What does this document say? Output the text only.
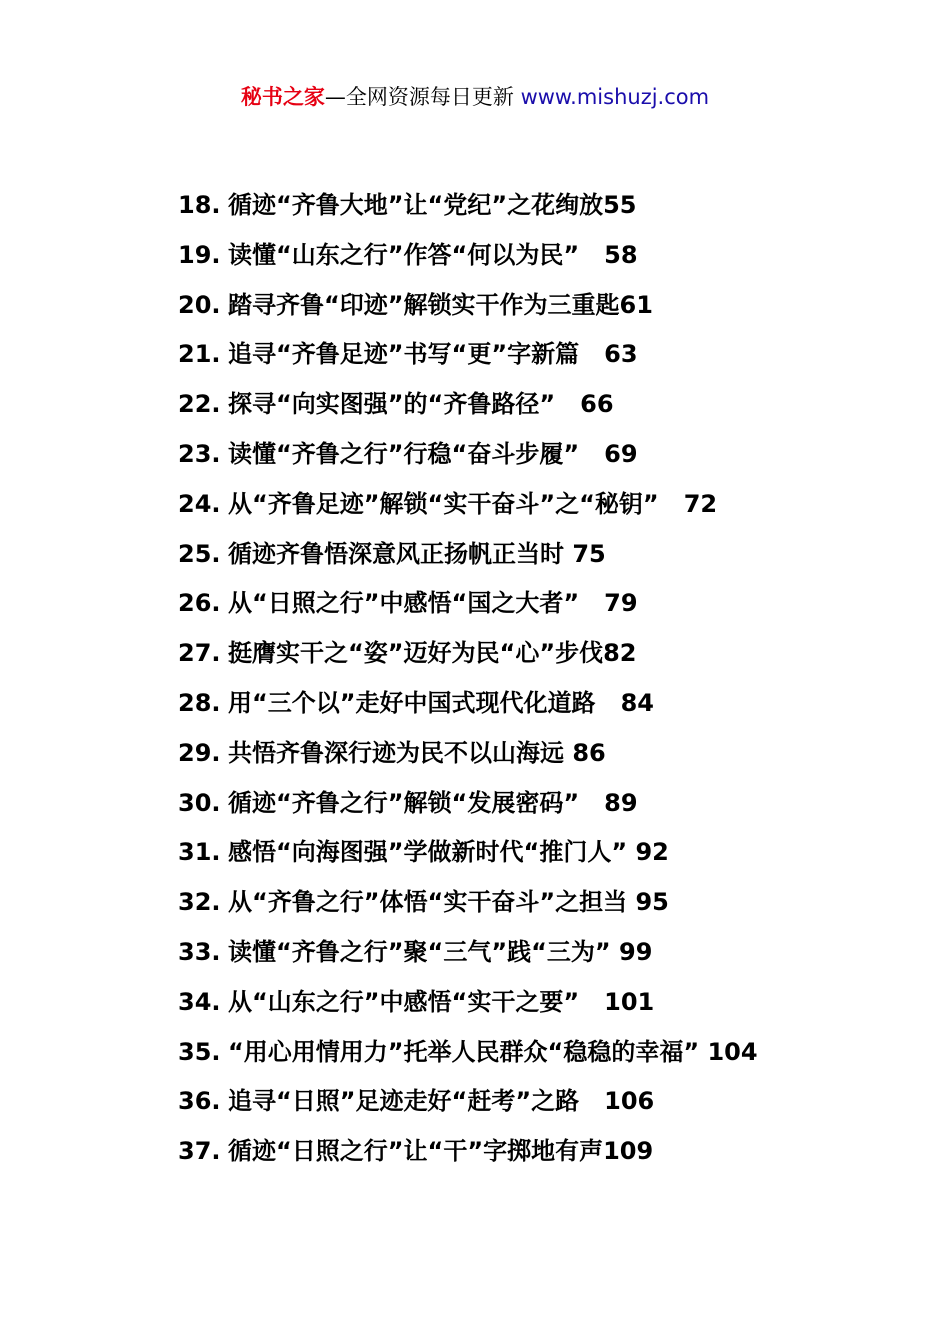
秘书之家—全网资源每日更新 www.mishuzj.com
18. 循迹“齐鲁大地”让“党纪”之花绚放55
19. 读懂“山东之行”作答“何以为民”   58
20. 踏寻齐鲁“印迹”解锁实干作为三重匙61
21. 追寻“齐鲁足迹”书写“更”字新篇   63
22. 探寻“向实图强”的“齐鲁路径”   66
23. 读懂“齐鲁之行”行稳“奋斗步履”   69
24. 从“齐鲁足迹”解锁“实干奋斗”之“秘钥”   72
25. 循迹齐鲁悟深意风正扬帆正当时 75
26. 从“日照之行”中感悟“国之大者”   79
27. 挺膺实干之“姿”迈好为民“心”步伐82
28. 用“三个以”走好中国式现代化道路   84
29. 共悟齐鲁深行迹为民不以山海远 86
30. 循迹“齐鲁之行”解锁“发展密码”   89
31. 感悟“向海图强”学做新时代“推门人” 92
32. 从“齐鲁之行”体悟“实干奋斗”之担当 95
33. 读懂“齐鲁之行”聚“三气”践“三为” 99
34. 从“山东之行”中感悟“实干之要”   101
35. “用心用情用力”托举人民群众“稳稳的幸福” 104
36. 追寻“日照”足迹走好“赶考”之路   106
37. 循迹“日照之行”让“干”字掷地有声109
